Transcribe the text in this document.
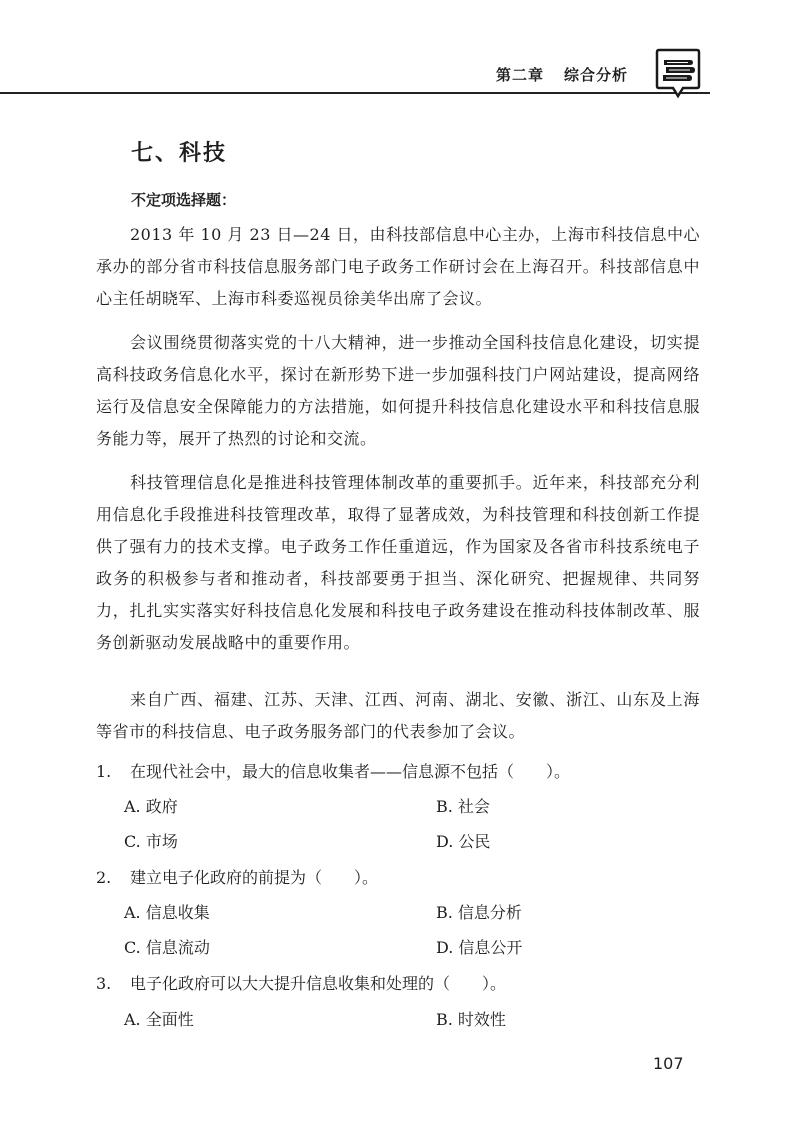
第二章 综合分析
七、科技
不定项选择题：

2013 年 10 月 23 日—24 日，由科技部信息中心主办，上海市科技信息中心承办的部分省市科技信息服务部门电子政务工作研讨会在上海召开。科技部信息中心主任胡晓军、上海市科委巡视员徐美华出席了会议。

会议围绕贯彻落实党的十八大精神，进一步推动全国科技信息化建设，切实提高科技政务信息化水平，探讨在新形势下进一步加强科技门户网站建设，提高网络运行及信息安全保障能力的方法措施，如何提升科技信息化建设水平和科技信息服务能力等，展开了热烈的讨论和交流。

科技管理信息化是推进科技管理体制改革的重要抓手。近年来，科技部充分利用信息化手段推进科技管理改革，取得了显著成效，为科技管理和科技创新工作提供了强有力的技术支撑。电子政务工作任重道远，作为国家及各省市科技系统电子政务的积极参与者和推动者，科技部要勇于担当、深化研究、把握规律、共同努力，扎扎实实落实好科技信息化发展和科技电子政务建设在推动科技体制改革、服务创新驱动发展战略中的重要作用。

来自广西、福建、江苏、天津、江西、河南、湖北、安徽、浙江、山东及上海等省市的科技信息、电子政务服务部门的代表参加了会议。

1. 在现代社会中，最大的信息收集者——信息源不包括（　　）。
A. 政府	B. 社会
C. 市场	D. 公民
2. 建立电子化政府的前提为（　　）。
A. 信息收集	B. 信息分析
C. 信息流动	D. 信息公开
3. 电子化政府可以大大提升信息收集和处理的（　　）。
A. 全面性	B. 时效性
107
